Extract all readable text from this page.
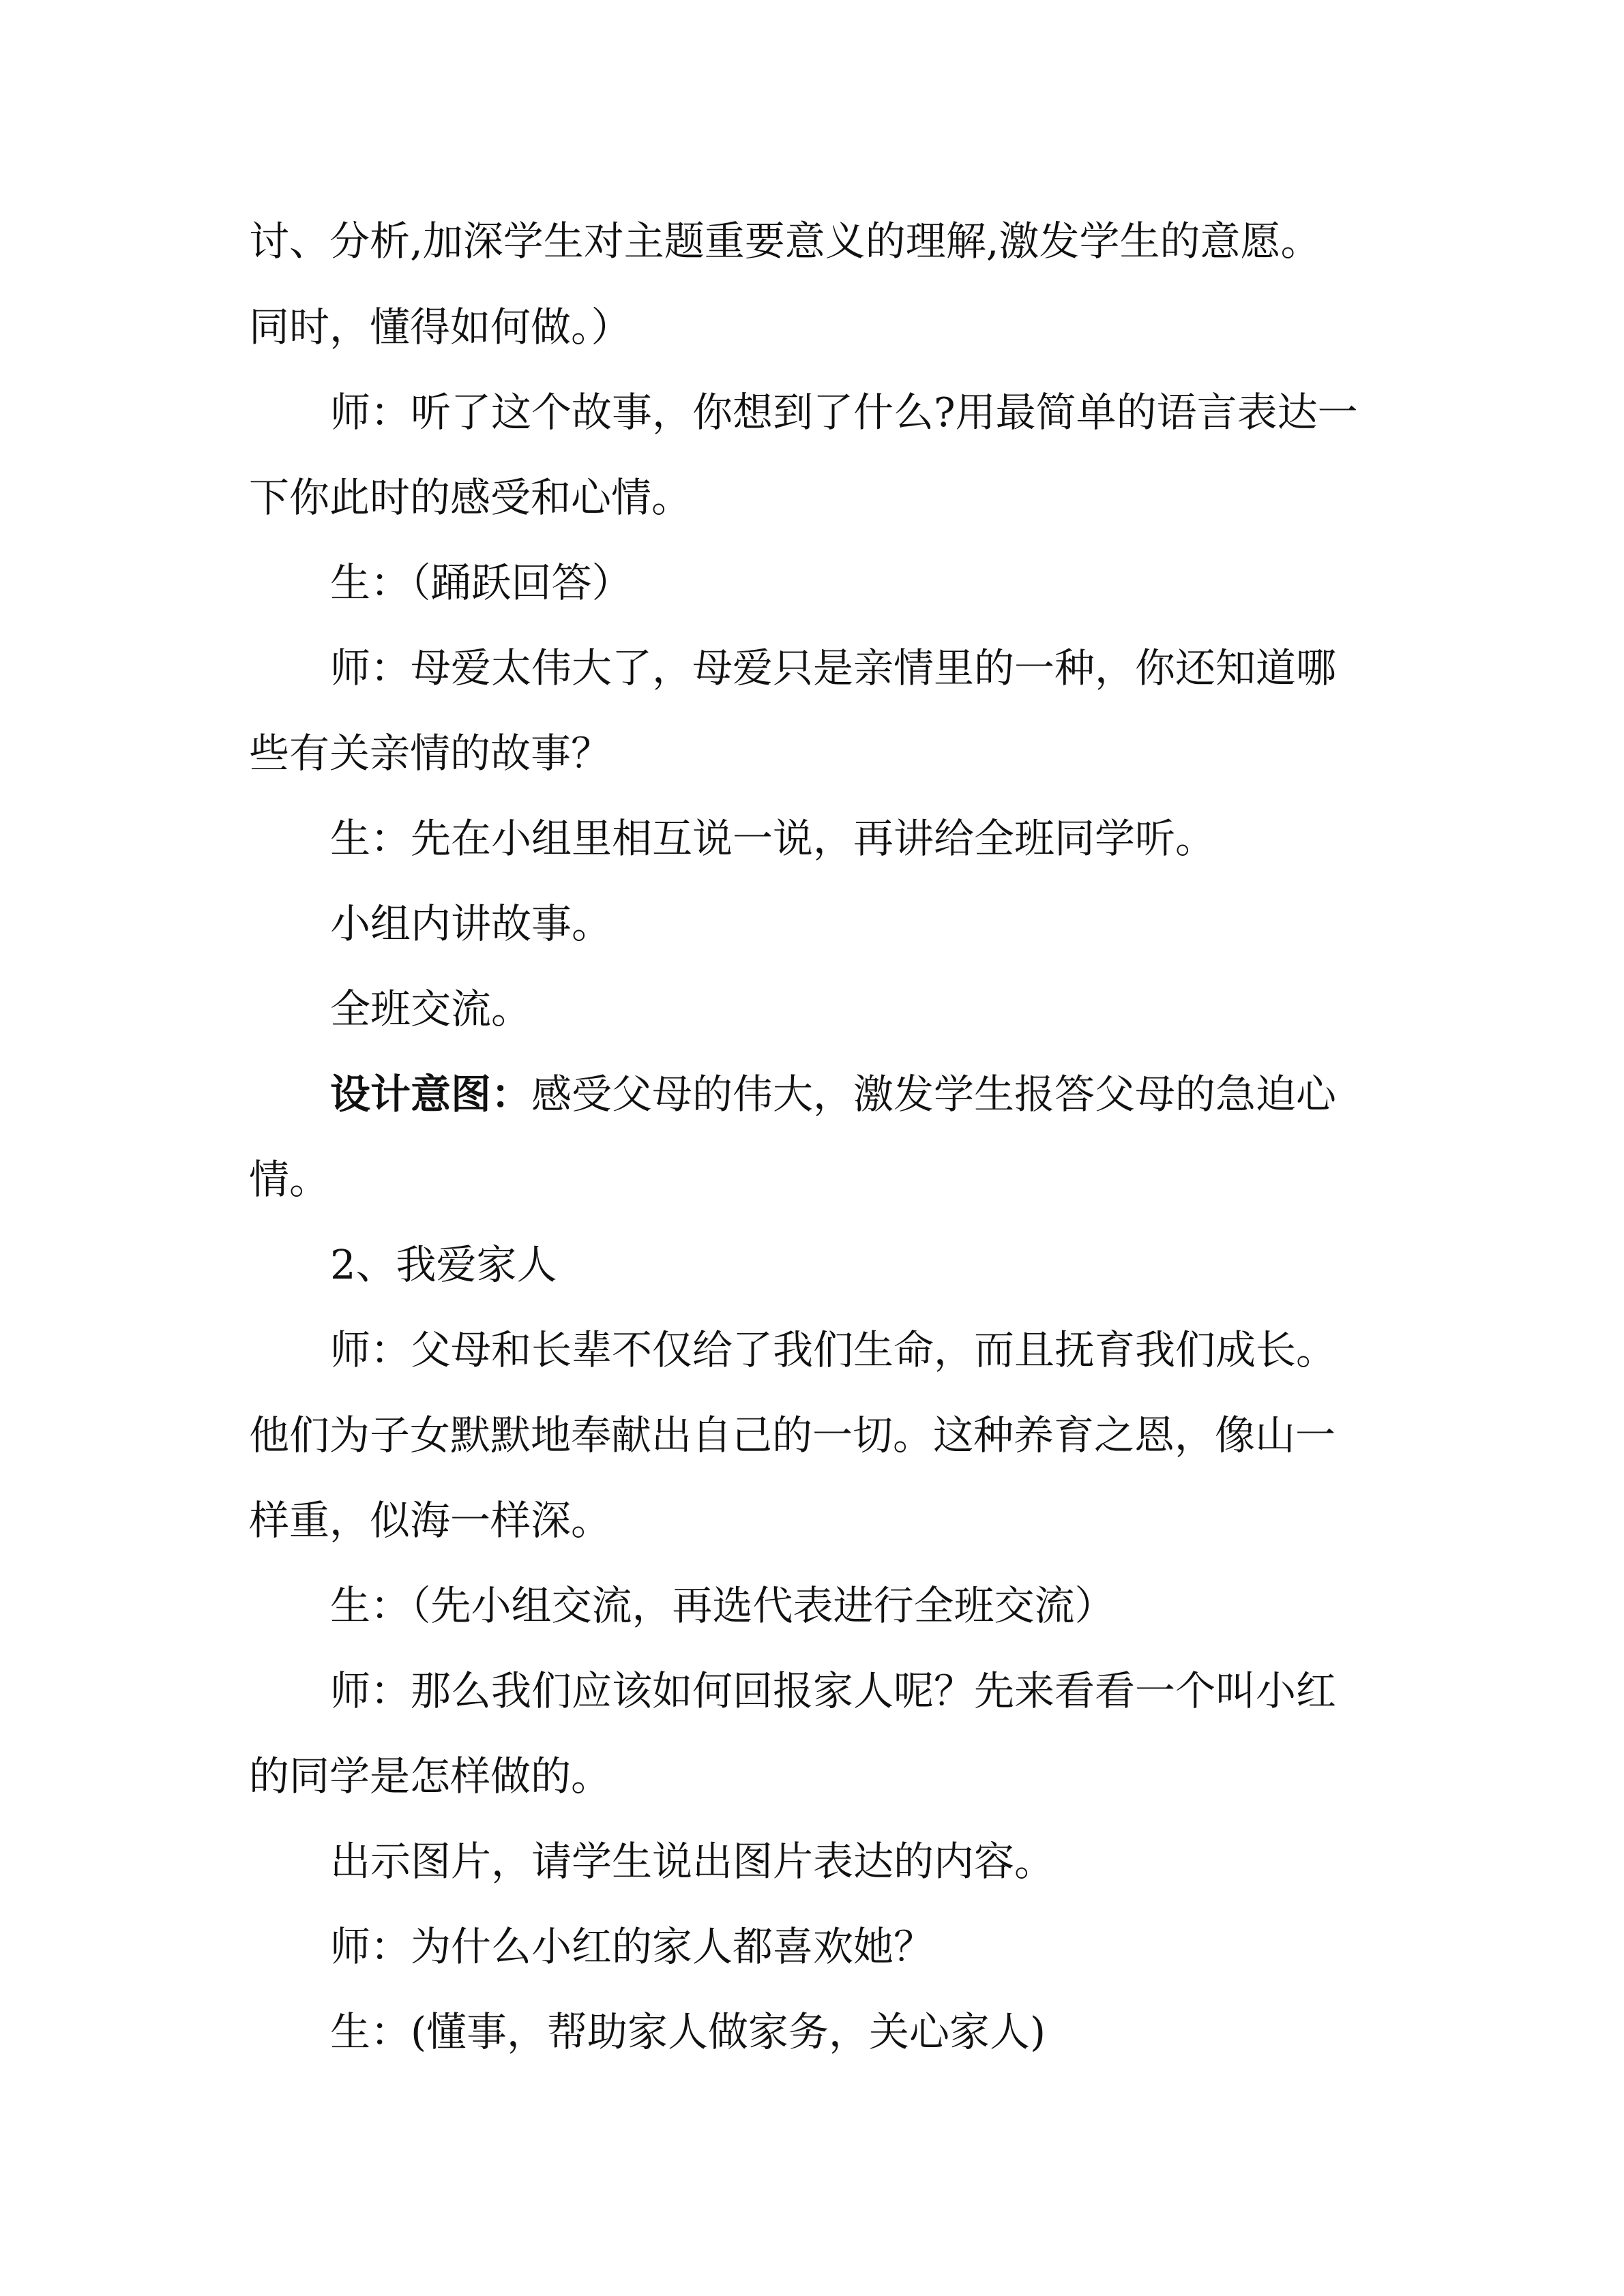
讨、分析,加深学生对主题重要意义的理解,激发学生的意愿。

同时，懂得如何做。）

师：听了这个故事，你想到了什么?用最简单的语言表达一

下你此时的感受和心情。

生：（踊跃回答）

师：母爱太伟大了，母爱只是亲情里的一种，你还知道哪

些有关亲情的故事？

生：先在小组里相互说一说，再讲给全班同学听。

小组内讲故事。

全班交流。

设计意图：感受父母的伟大，激发学生报答父母的急迫心

情。

2、我爱家人

师：父母和长辈不仅给了我们生命，而且抚育我们成长。

他们为子女默默地奉献出自己的一切。这种养育之恩，像山一

样重，似海一样深。

生：（先小组交流，再选代表进行全班交流）

师：那么我们应该如何回报家人呢？先来看看一个叫小红

的同学是怎样做的。

出示图片，请学生说出图片表达的内容。

师：为什么小红的家人都喜欢她？

生：(懂事，帮助家人做家务，关心家人)
